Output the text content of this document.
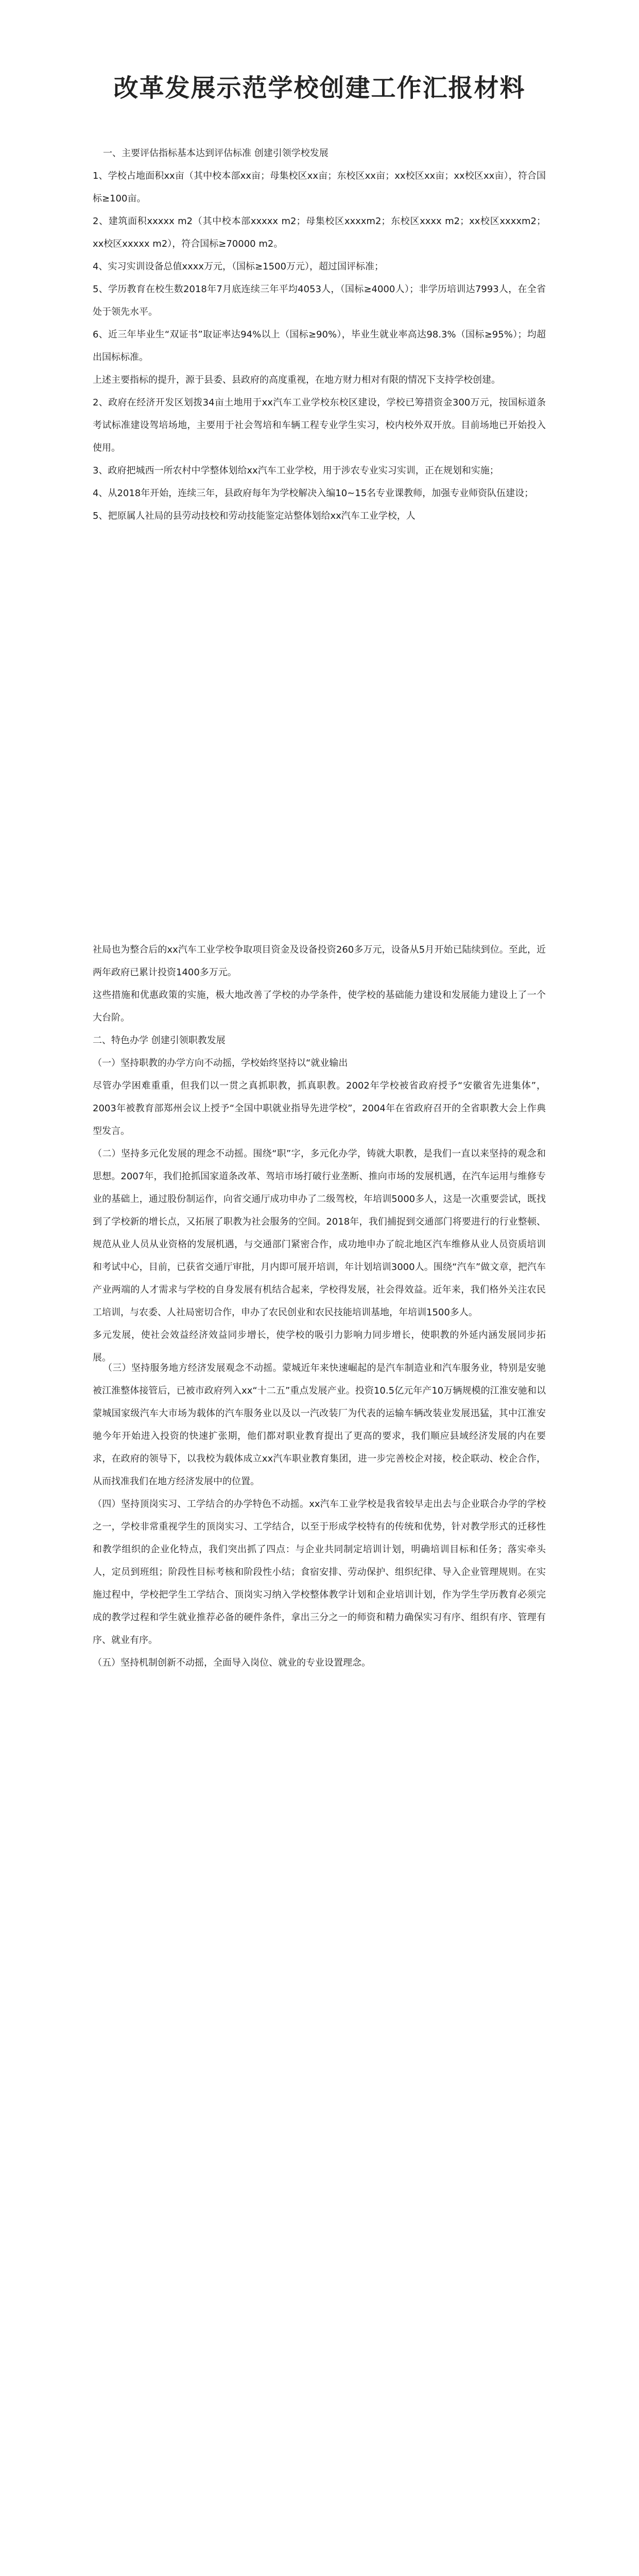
改革发展示范学校创建工作汇报材料

一、主要评估指标基本达到评估标准 创建引领学校发展

1、学校占地面积xx亩（其中校本部xx亩；母集校区xx亩；东校区xx亩；xx校区xx亩；xx校区xx亩），符合国标≥100亩。

2、建筑面积xxxxx m2（其中校本部xxxxx m2；母集校区xxxxm2；东校区xxxx m2；xx校区xxxxm2；xx校区xxxxx m2），符合国标≥70000 m2。

4、实习实训设备总值xxxx万元，（国标≥1500万元），超过国评标准；

5、学历教育在校生数2018年7月底连续三年平均4053人，（国标≥4000人）；非学历培训达7993人，在全省处于领先水平。

6、近三年毕业生“双证书”取证率达94%以上（国标≥90%），毕业生就业率高达98.3%（国标≥95%）；均超出国标标准。

上述主要指标的提升，源于县委、县政府的高度重视，在地方财力相对有限的情况下支持学校创建。

2、政府在经济开发区划拨34亩土地用于xx汽车工业学校东校区建设，学校已筹措资金300万元，按国标道条考试标准建设驾培场地，主要用于社会驾培和车辆工程专业学生实习，校内校外双开放。目前场地已开始投入使用。

3、政府把城西一所农村中学整体划给xx汽车工业学校，用于涉农专业实习实训，正在规划和实施；

4、从2018年开始，连续三年，县政府每年为学校解决入编10~15名专业课教师，加强专业师资队伍建设；

5、把原属人社局的县劳动技校和劳动技能鉴定站整体划给xx汽车工业学校，人

社局也为整合后的xx汽车工业学校争取项目资金及设备投资260多万元，设备从5月开始已陆续到位。至此，近两年政府已累计投资1400多万元。

这些措施和优惠政策的实施，极大地改善了学校的办学条件，使学校的基础能力建设和发展能力建设上了一个大台阶。

二、特色办学 创建引领职教发展

（一）坚持职教的办学方向不动摇，学校始终坚持以“就业输出

尽管办学困难重重，但我们以一贯之真抓职教，抓真职教。2002年学校被省政府授予“安徽省先进集体”，2003年被教育部郑州会议上授予“全国中职就业指导先进学校”，2004年在省政府召开的全省职教大会上作典型发言。

（二）坚持多元化发展的理念不动摇。围绕“职”字，多元化办学，铸就大职教，是我们一直以来坚持的观念和思想。2007年，我们抢抓国家道条改革、驾培市场打破行业垄断、推向市场的发展机遇，在汽车运用与维修专业的基础上，通过股份制运作，向省交通厅成功申办了二级驾校，年培训5000多人，这是一次重要尝试，既找到了学校新的增长点，又拓展了职教为社会服务的空间。2018年，我们捕捉到交通部门将要进行的行业整顿、规范从业人员从业资格的发展机遇，与交通部门紧密合作，成功地申办了皖北地区汽车维修从业人员资质培训和考试中心，目前，已获省交通厅审批，月内即可展开培训，年计划培训3000人。围绕“汽车”做文章，把汽车产业两端的人才需求与学校的自身发展有机结合起来，学校得发展，社会得效益。近年来，我们格外关注农民工培训，与农委、人社局密切合作，申办了农民创业和农民技能培训基地，年培训1500多人。

多元发展，使社会效益经济效益同步增长，使学校的吸引力影响力同步增长，使职教的外延内涵发展同步拓展。

（三）坚持服务地方经济发展观念不动摇。蒙城近年来快速崛起的是汽车制造业和汽车服务业，特别是安驰被江淮整体接管后，已被市政府列入xx“十二五”重点发展产业。投资10.5亿元年产10万辆规模的江淮安驰和以蒙城国家级汽车大市场为载体的汽车服务业以及以一汽改装厂为代表的运输车辆改装业发展迅猛，其中江淮安驰今年开始进入投资的快速扩张期，他们都对职业教育提出了更高的要求，我们顺应县域经济发展的内在要求，在政府的领导下，以我校为载体成立xx汽车职业教育集团，进一步完善校企对接，校企联动、校企合作，从而找准我们在地方经济发展中的位置。

（四）坚持顶岗实习、工学结合的办学特色不动摇。xx汽车工业学校是我省较早走出去与企业联合办学的学校之一，学校非常重视学生的顶岗实习、工学结合，以至于形成学校特有的传统和优势，针对教学形式的迁移性和教学组织的企业化特点，我们突出抓了四点：与企业共同制定培训计划，明确培训目标和任务；落实牵头人，定员到班组；阶段性目标考核和阶段性小结；食宿安排、劳动保护、组织纪律、导入企业管理规则。在实施过程中，学校把学生工学结合、顶岗实习纳入学校整体教学计划和企业培训计划，作为学生学历教育必须完成的教学过程和学生就业推荐必备的硬件条件，拿出三分之一的师资和精力确保实习有序、组织有序、管理有序、就业有序。

（五）坚持机制创新不动摇，全面导入岗位、就业的专业设置理念。
